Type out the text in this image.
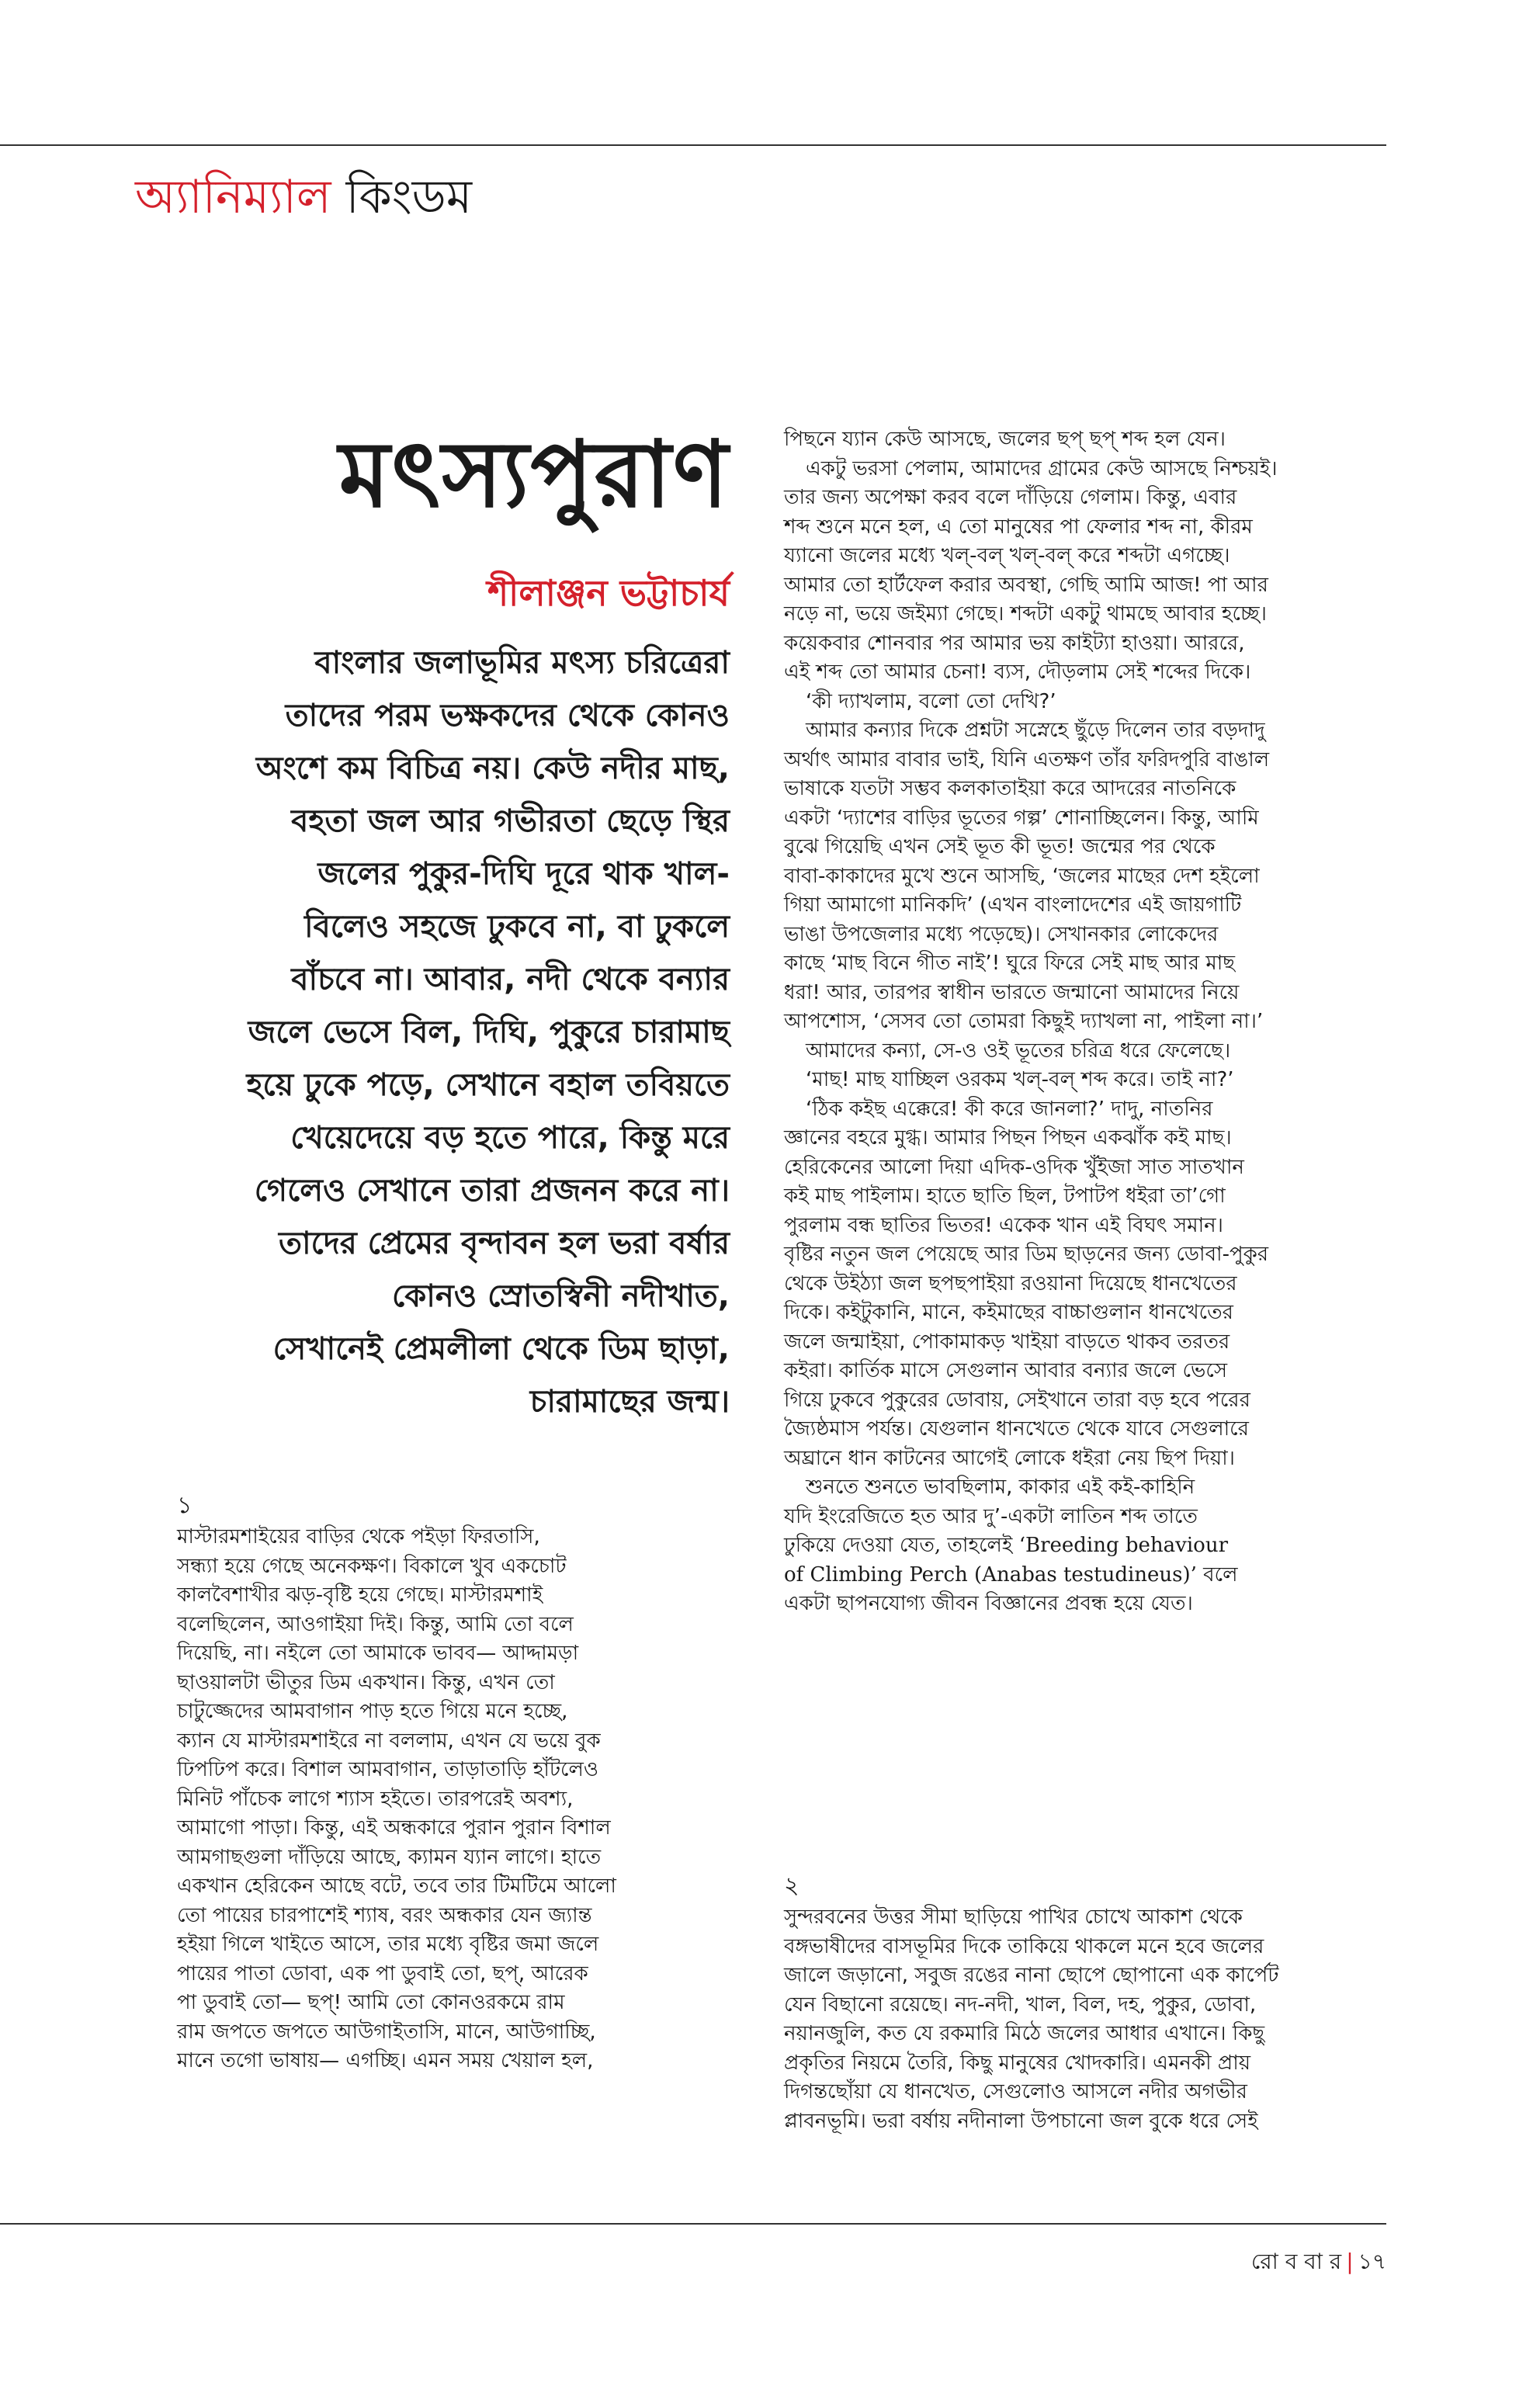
অ্যানিম্যাল কিংডম
মৎস্যপুরাণ
শীলাঞ্জন ভট্টাচার্য
বাংলার জলাভূমির মৎস্য চরিত্রেরা
তাদের পরম ভক্ষকদের থেকে কোনও
অংশে কম বিচিত্র নয়। কেউ নদীর মাছ,
বহতা জল আর গভীরতা ছেড়ে স্থির
জলের পুকুর-দিঘি দূরে থাক খাল-
বিলেও সহজে ঢুকবে না, বা ঢুকলে
বাঁচবে না। আবার, নদী থেকে বন্যার
জলে ভেসে বিল, দিঘি, পুকুরে চারামাছ
হয়ে ঢুকে পড়ে, সেখানে বহাল তবিয়তে
খেয়েদেয়ে বড় হতে পারে, কিন্তু মরে
গেলেও সেখানে তারা প্রজনন করে না।
তাদের প্রেমের বৃন্দাবন হল ভরা বর্ষার
কোনও স্রোতস্বিনী নদীখাত,
সেখানেই প্রেমলীলা থেকে ডিম ছাড়া,
চারামাছের জন্ম।
১
মাস্টারমশাইয়ের বাড়ির থেকে পইড়া ফিরতাসি,
সন্ধ্যা হয়ে গেছে অনেকক্ষণ। বিকালে খুব একচোট
কালবৈশাখীর ঝড়-বৃষ্টি হয়ে গেছে। মাস্টারমশাই
বলেছিলেন, আওগাইয়া দিই। কিন্তু, আমি তো বলে
দিয়েছি, না। নইলে তো আমাকে ভাবব— আদ্দামড়া
ছাওয়ালটা ভীতুর ডিম একখান। কিন্তু, এখন তো
চাটুজ্জেদের আমবাগান পাড় হতে গিয়ে মনে হচ্ছে,
ক্যান যে মাস্টারমশাইরে না বললাম, এখন যে ভয়ে বুক
ঢিপঢিপ করে। বিশাল আমবাগান, তাড়াতাড়ি হাঁটলেও
মিনিট পাঁচেক লাগে শ্যাস হইতে। তারপরেই অবশ্য,
আমাগো পাড়া। কিন্তু, এই অন্ধকারে পুরান পুরান বিশাল
আমগাছগুলা দাঁড়িয়ে আছে, ক্যামন য্যান লাগে। হাতে
একখান হেরিকেন আছে বটে, তবে তার টিমটিমে আলো
তো পায়ের চারপাশেই শ্যাষ, বরং অন্ধকার যেন জ্যান্ত
হইয়া গিলে খাইতে আসে, তার মধ্যে বৃষ্টির জমা জলে
পায়ের পাতা ডোবা, এক পা ডুবাই তো, ছপ্, আরেক
পা ডুবাই তো— ছপ্! আমি তো কোনওরকমে রাম
রাম জপতে জপতে আউগাইতাসি, মানে, আউগাচ্ছি,
মানে তগো ভাষায়— এগচ্ছি। এমন সময় খেয়াল হল,
পিছনে য্যান কেউ আসছে, জলের ছপ্ ছপ্ শব্দ হল যেন।
একটু ভরসা পেলাম, আমাদের গ্রামের কেউ আসছে নিশ্চয়ই।
তার জন্য অপেক্ষা করব বলে দাঁড়িয়ে গেলাম। কিন্তু, এবার
শব্দ শুনে মনে হল, এ তো মানুষের পা ফেলার শব্দ না, কীরম
য্যানো জলের মধ্যে খল্-বল্ খল্-বল্ করে শব্দটা এগচ্ছে।
আমার তো হার্টফেল করার অবস্থা, গেছি আমি আজ! পা আর
নড়ে না, ভয়ে জইম্যা গেছে। শব্দটা একটু থামছে আবার হচ্ছে।
কয়েকবার শোনবার পর আমার ভয় কাইট্যা হাওয়া। আররে,
এই শব্দ তো আমার চেনা! ব্যস, দৌড়লাম সেই শব্দের দিকে।
‘কী দ্যাখলাম, বলো তো দেখি?’
আমার কন্যার দিকে প্রশ্নটা সস্নেহে ছুঁড়ে দিলেন তার বড়দাদু
অর্থাৎ আমার বাবার ভাই, যিনি এতক্ষণ তাঁর ফরিদপুরি বাঙাল
ভাষাকে যতটা সম্ভব কলকাতাইয়া করে আদরের নাতনিকে
একটা ‘দ্যাশের বাড়ির ভূতের গল্প’ শোনাচ্ছিলেন। কিন্তু, আমি
বুঝে গিয়েছি এখন সেই ভূত কী ভূত! জন্মের পর থেকে
বাবা-কাকাদের মুখে শুনে আসছি, ‘জলের মাছের দেশ হইলো
গিয়া আমাগো মানিকদি’ (এখন বাংলাদেশের এই জায়গাটি
ভাঙা উপজেলার মধ্যে পড়েছে)। সেখানকার লোকেদের
কাছে ‘মাছ বিনে গীত নাই’! ঘুরে ফিরে সেই মাছ আর মাছ
ধরা! আর, তারপর স্বাধীন ভারতে জন্মানো আমাদের নিয়ে
আপশোস, ‘সেসব তো তোমরা কিছুই দ্যাখলা না, পাইলা না।’
আমাদের কন্যা, সে-ও ওই ভূতের চরিত্র ধরে ফেলেছে।
‘মাছ! মাছ যাচ্ছিল ওরকম খল্-বল্ শব্দ করে। তাই না?’
‘ঠিক কইছ এক্কেরে! কী করে জানলা?’ দাদু, নাতনির
জ্ঞানের বহরে মুগ্ধ। আমার পিছন পিছন একঝাঁক কই মাছ।
হেরিকেনের আলো দিয়া এদিক-ওদিক খুঁইজা সাত সাতখান
কই মাছ পাইলাম। হাতে ছাতি ছিল, টপাটপ ধইরা তা’গো
পুরলাম বন্ধ ছাতির ভিতর! একেক খান এই বিঘৎ সমান।
বৃষ্টির নতুন জল পেয়েছে আর ডিম ছাড়নের জন্য ডোবা-পুকুর
থেকে উইঠ্যা জল ছপছপাইয়া রওয়ানা দিয়েছে ধানখেতের
দিকে। কইটুকানি, মানে, কইমাছের বাচ্চাগুলান ধানখেতের
জলে জন্মাইয়া, পোকামাকড় খাইয়া বাড়তে থাকব তরতর
কইরা। কার্তিক মাসে সেগুলান আবার বন্যার জলে ভেসে
গিয়ে ঢুকবে পুকুরের ডোবায়, সেইখানে তারা বড় হবে পরের
জ্যৈষ্ঠমাস পর্যন্ত। যেগুলান ধানখেতে থেকে যাবে সেগুলারে
অঘ্রানে ধান কাটনের আগেই লোকে ধইরা নেয় ছিপ দিয়া।
শুনতে শুনতে ভাবছিলাম, কাকার এই কই-কাহিনি
যদি ইংরেজিতে হত আর দু’-একটা লাতিন শব্দ তাতে
ঢুকিয়ে দেওয়া যেত, তাহলেই ‘Breeding behaviour
of Climbing Perch (Anabas testudineus)’ বলে
একটা ছাপনযোগ্য জীবন বিজ্ঞানের প্রবন্ধ হয়ে যেত।
২
সুন্দরবনের উত্তর সীমা ছাড়িয়ে পাখির চোখে আকাশ থেকে
বঙ্গভাষীদের বাসভূমির দিকে তাকিয়ে থাকলে মনে হবে জলের
জালে জড়ানো, সবুজ রঙের নানা ছোপে ছোপানো এক কার্পেট
যেন বিছানো রয়েছে। নদ-নদী, খাল, বিল, দহ, পুকুর, ডোবা,
নয়ানজুলি, কত যে রকমারি মিঠে জলের আধার এখানে। কিছু
প্রকৃতির নিয়মে তৈরি, কিছু মানুষের খোদকারি। এমনকী প্রায়
দিগন্তছোঁয়া যে ধানখেত, সেগুলোও আসলে নদীর অগভীর
প্লাবনভূমি। ভরা বর্ষায় নদীনালা উপচানো জল বুকে ধরে সেই
রো ব বা র | ১৭
